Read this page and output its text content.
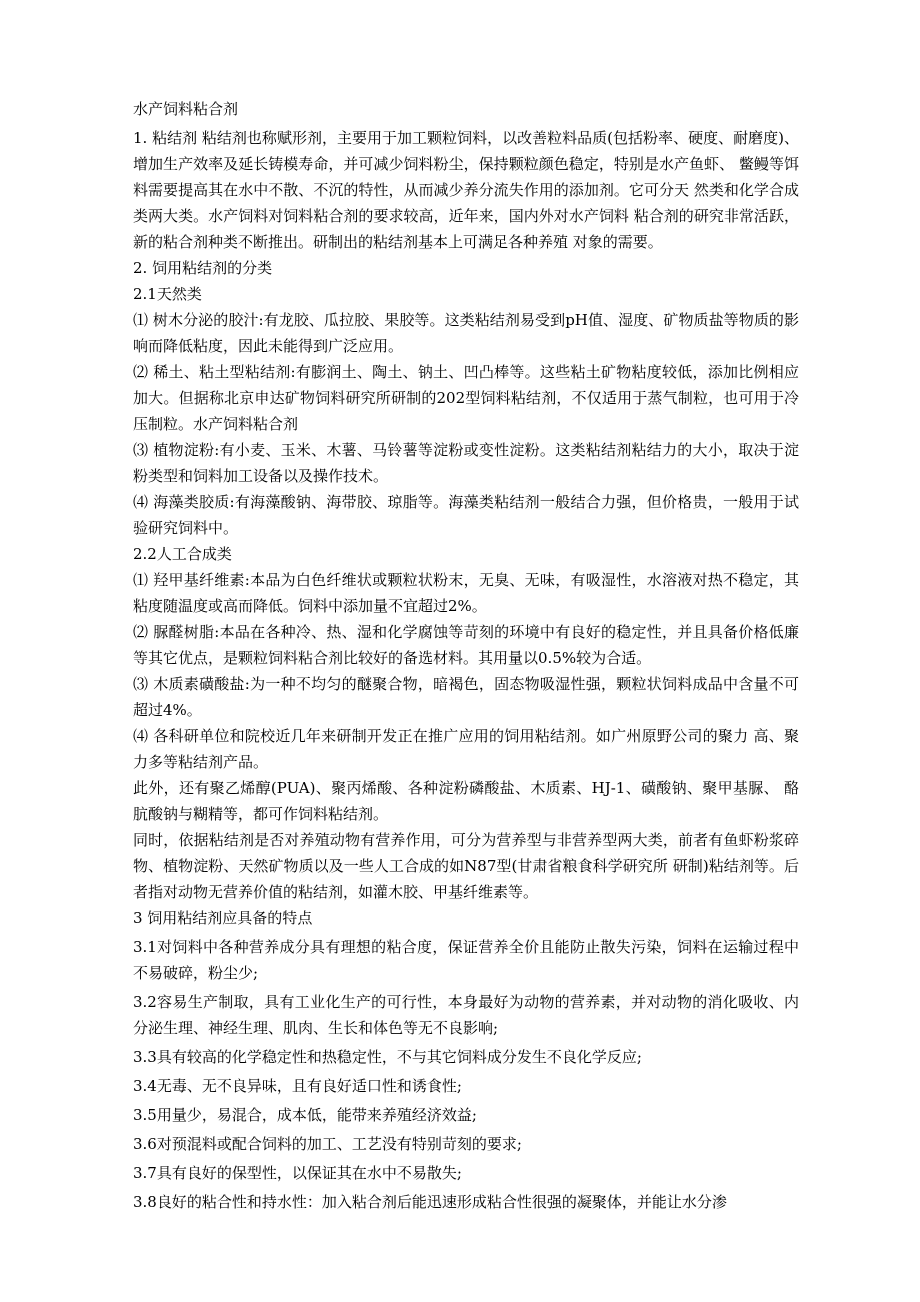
水产饲料粘合剂

1. 粘结剂 粘结剂也称赋形剂，主要用于加工颗粒饲料，以改善粒料品质(包括粉率、硬度、耐磨度)、 增加生产效率及延长铸模寿命，并可减少饲料粉尘，保持颗粒颜色稳定，特别是水产鱼虾、 鳖鳗等饵料需要提高其在水中不散、不沉的特性，从而减少养分流失作用的添加剂。它可分天 然类和化学合成类两大类。水产饲料对饲料粘合剂的要求较高，近年来，国内外对水产饲料 粘合剂的研究非常活跃，新的粘合剂种类不断推出。研制出的粘结剂基本上可满足各种养殖 对象的需要。

2. 饲用粘结剂的分类

2.1天然类

⑴ 树木分泌的胶汁:有龙胶、瓜拉胶、果胶等。这类粘结剂易受到pH值、湿度、矿物质盐等物质的影响而降低粘度，因此未能得到广泛应用。

⑵ 稀土、粘土型粘结剂:有膨润土、陶土、钠土、凹凸棒等。这些粘土矿物粘度较低，添加比例相应加大。但据称北京申达矿物饲料研究所研制的202型饲料粘结剂，不仅适用于蒸气制粒，也可用于冷压制粒。水产饲料粘合剂

⑶ 植物淀粉:有小麦、玉米、木薯、马铃薯等淀粉或变性淀粉。这类粘结剂粘结力的大小，取决于淀粉类型和饲料加工设备以及操作技术。

⑷ 海藻类胶质:有海藻酸钠、海带胶、琼脂等。海藻类粘结剂一般结合力强，但价格贵，一般用于试验研究饲料中。

2.2人工合成类

⑴ 羟甲基纤维素:本品为白色纤维状或颗粒状粉末，无臭、无味，有吸湿性，水溶液对热不稳定，其粘度随温度或高而降低。饲料中添加量不宜超过2%。

⑵ 脲醛树脂:本品在各种冷、热、湿和化学腐蚀等苛刻的环境中有良好的稳定性，并且具备价格低廉等其它优点，是颗粒饲料粘合剂比较好的备选材料。其用量以0.5%较为合适。

⑶ 木质素磺酸盐:为一种不均匀的醚聚合物，暗褐色，固态物吸湿性强，颗粒状饲料成品中含量不可超过4%。

⑷ 各科研单位和院校近几年来研制开发正在推广应用的饲用粘结剂。如广州原野公司的聚力 高、聚力多等粘结剂产品。

此外，还有聚乙烯醇(PUA)、聚丙烯酸、各种淀粉磷酸盐、木质素、HJ-1、磺酸钠、聚甲基脲、 酪肮酸钠与糊精等，都可作饲料粘结剂。

同时，依据粘结剂是否对养殖动物有营养作用，可分为营养型与非营养型两大类，前者有鱼虾粉浆碎物、植物淀粉、天然矿物质以及一些人工合成的如N87型(甘肃省粮食科学研究所 研制)粘结剂等。后者指对动物无营养价值的粘结剂，如灌木胶、甲基纤维素等。

3 饲用粘结剂应具备的特点

3.1对饲料中各种营养成分具有理想的粘合度，保证营养全价且能防止散失污染，饲料在运输过程中不易破碎，粉尘少;

3.2容易生产制取，具有工业化生产的可行性，本身最好为动物的营养素，并对动物的消化吸收、内分泌生理、神经生理、肌肉、生长和体色等无不良影响;

3.3具有较高的化学稳定性和热稳定性，不与其它饲料成分发生不良化学反应;

3.4无毒、无不良异味，且有良好适口性和诱食性;

3.5用量少，易混合，成本低，能带来养殖经济效益;

3.6对预混料或配合饲料的加工、工艺没有特别苛刻的要求;

3.7具有良好的保型性，以保证其在水中不易散失;

3.8良好的粘合性和持水性：加入粘合剂后能迅速形成粘合性很强的凝聚体，并能让水分渗
